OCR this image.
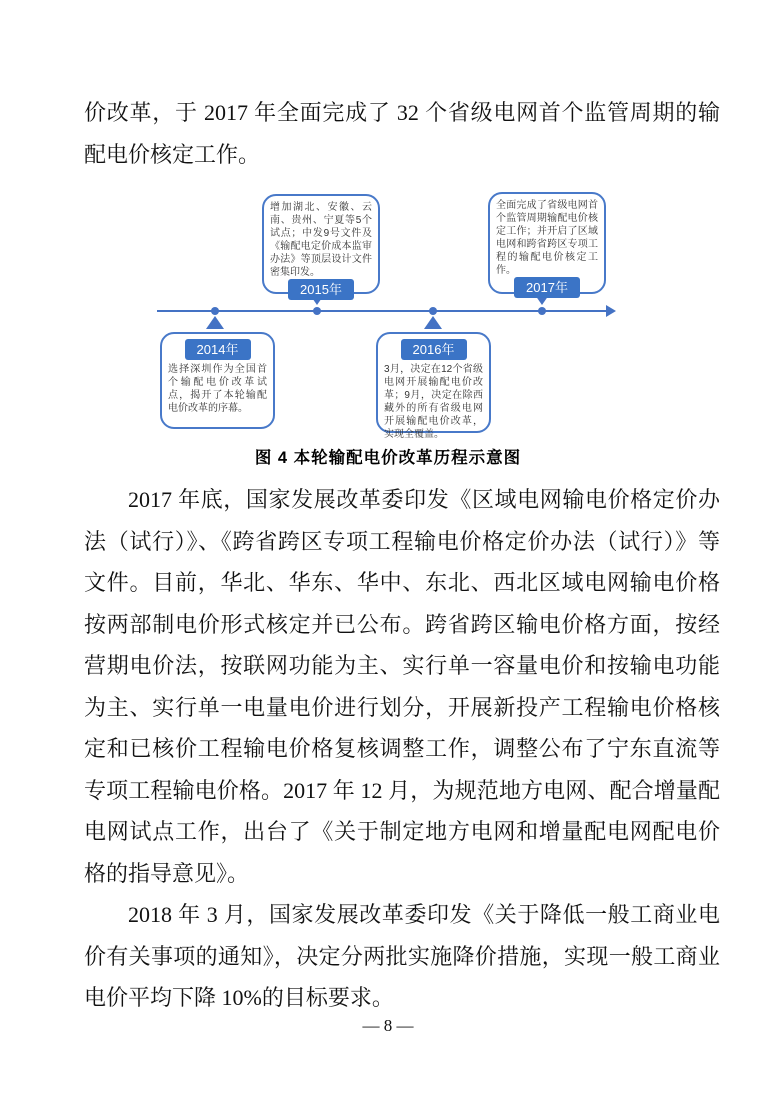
价改革，于 2017 年全面完成了 32 个省级电网首个监管周期的输配电价核定工作。

增加湖北、安徽、云南、贵州、宁夏等5个试点；中发9号文件及《输配电定价成本监审办法》等顶层设计文件密集印发。
2015年
全面完成了省级电网首个监管周期输配电价核定工作；并开启了区域电网和跨省跨区专项工程的输配电价核定工作。
2017年
2014年
选择深圳作为全国首个输配电价改革试点，揭开了本轮输配电价改革的序幕。
2016年
3月，决定在12个省级电网开展输配电价改革；9月，决定在除西藏外的所有省级电网开展输配电价改革，实现全覆盖。
图 4 本轮输配电价改革历程示意图

2017 年底，国家发展改革委印发《区域电网输电价格定价办法（试行）》、《跨省跨区专项工程输电价格定价办法（试行）》等文件。目前，华北、华东、华中、东北、西北区域电网输电价格按两部制电价形式核定并已公布。跨省跨区输电价格方面，按经营期电价法，按联网功能为主、实行单一容量电价和按输电功能为主、实行单一电量电价进行划分，开展新投产工程输电价格核定和已核价工程输电价格复核调整工作，调整公布了宁东直流等专项工程输电价格。2017 年 12 月，为规范地方电网、配合增量配电网试点工作，出台了《关于制定地方电网和增量配电网配电价格的指导意见》。

2018 年 3 月，国家发展改革委印发《关于降低一般工商业电价有关事项的通知》，决定分两批实施降价措施，实现一般工商业电价平均下降 10%的目标要求。

— 8 —
